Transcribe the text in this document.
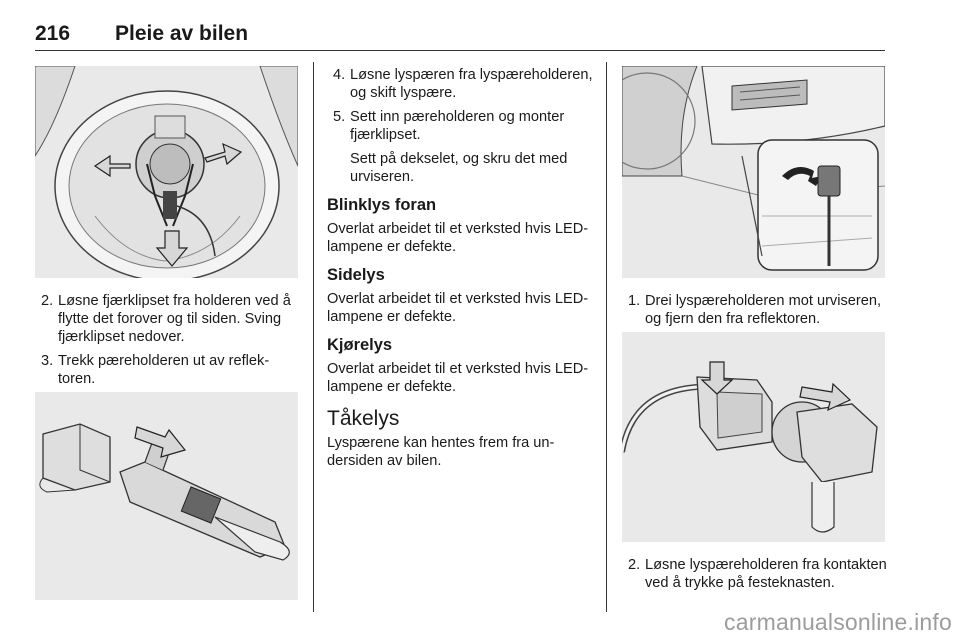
216 Pleie av bilen
2. Løsne fjærklipset fra holderen ved å flytte det forover og til siden. Sving fjærklipset nedover.
3. Trekk pæreholderen ut av reflektoren.
4. Løsne lyspæren fra lyspæreholderen, og skift lyspære.
5. Sett inn pæreholderen og monter fjærklipset.
Sett på dekselet, og skru det med urviseren.
Blinklys foran
Overlat arbeidet til et verksted hvis LED-lampene er defekte.
Sidelys
Overlat arbeidet til et verksted hvis LED-lampene er defekte.
Kjørelys
Overlat arbeidet til et verksted hvis LED-lampene er defekte.
Tåkelys
Lyspærene kan hentes frem fra undersiden av bilen.
1. Drei lyspæreholderen mot urviseren, og fjern den fra reflektoren.
2. Løsne lyspæreholderen fra kontakten ved å trykke på festeknasten.
carmanualsonline.info
